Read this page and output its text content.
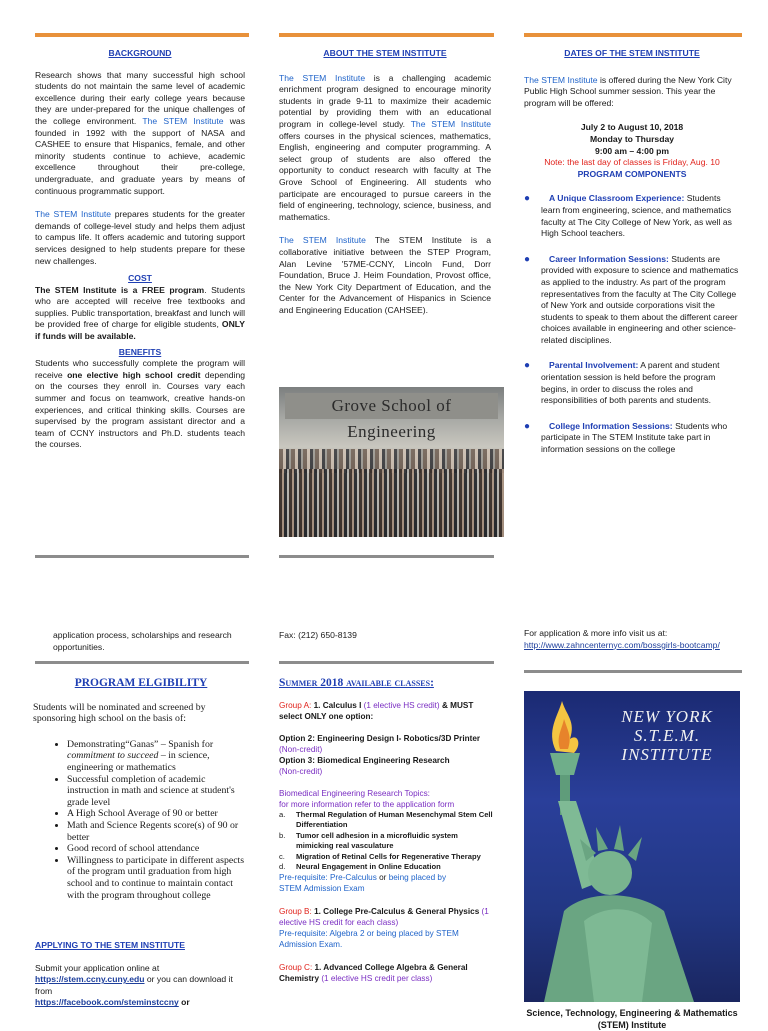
BACKGROUND

Research shows that many successful high school students do not maintain the same level of academic excellence during their early college years because they are under-prepared for the unique challenges of the college environment. The STEM Institute was founded in 1992 with the support of NASA and CASHEE to ensure that Hispanics, female, and other minority students continue to achieve, academic excellence throughout their pre-college, undergraduate, and graduate years by means of continuous programmatic support.

The STEM Institute prepares students for the greater demands of college-level study and helps them adjust to campus life. It offers academic and tutoring support services designed to help students prepare for these new challenges.

COST

The STEM Institute is a FREE program. Students who are accepted will receive free textbooks and supplies. Public transportation, breakfast and lunch will be provided free of charge for eligible students, ONLY if funds will be available.

BENEFITS

Students who successfully complete the program will receive one elective high school credit depending on the courses they enroll in. Courses vary each summer and focus on teamwork, creative hands-on experiences, and critical thinking skills. Courses are supervised by the program assistant director and a team of CCNY instructors and Ph.D. students teach the courses.

ABOUT THE STEM INSTITUTE

The STEM Institute is a challenging academic enrichment program designed to encourage minority students in grade 9-11 to maximize their academic potential by providing them with an educational program in college-level study. The STEM Institute offers courses in the physical sciences, mathematics, English, engineering and computer programming. A select group of students are also offered the opportunity to conduct research with faculty at The Grove School of Engineering. All students who participate are encouraged to pursue careers in the field of engineering, technology, science, business, and mathematics.

The STEM Institute The STEM Institute is a collaborative initiative between the STEP Program, Alan Levine '57ME-CCNY, Lincoln Fund, Dorr Foundation, Bruce J. Heim Foundation, Provost office, the New York City Department of Education, and the Center for the Advancement of Hispanics in Science and Engineering Education (CAHSEE).

Grove School of Engineering

DATES OF THE STEM INSTITUTE

The STEM Institute is offered during the New York City Public High School summer session. This year the program will be offered:

July 2 to August 10, 2018

Monday to Thursday

9:00 am – 4:00 pm

Note: the last day of classes is Friday, Aug. 10

PROGRAM COMPONENTS

● A Unique Classroom Experience: Students learn from engineering, science, and mathematics faculty at The City College of New York, as well as High School teachers.
● Career Information Sessions: Students are provided with exposure to science and mathematics as applied to the industry. As part of the program representatives from the faculty at The City College of New York and outside corporations visit the students to speak to them about the different career choices available in engineering and other science-related disciplines.
● Parental Involvement: A parent and student orientation session is held before the program begins, in order to discuss the roles and responsibilities of both parents and students.
● College Information Sessions: Students who participate in The STEM Institute take part in information sessions on the college

application process, scholarships and research opportunities.

Fax: (212) 650-8139	For application & more info visit us at:

http://www.zahncenternyc.com/bossgirls-bootcamp/

PROGRAM ELGIBILITY

Students will be nominated and screened by sponsoring high school on the basis of:

• Demonstrating“Ganas” – Spanish for commitment to succeed – in science, engineering or mathematics
• Successful completion of academic instruction in math and science at student's grade level
• A High School Average of 90 or better
• Math and Science Regents score(s) of 90 or better
• Good record of school attendance
• Willingness to participate in different aspects of the program until graduation from high school and to continue to maintain contact with the program throughout college

APPLYING TO THE STEM INSTITUTE

Submit your application online at
https://stem.ccny.cuny.edu or you can download it from
https://facebook.com/steminstccny or

Summer 2018 available classes:

Group A: 1. Calculus I (1 elective HS credit) & MUST select ONLY one option:

Option 2: Engineering Design I- Robotics/3D Printer

(Non-credit)

Option 3: Biomedical Engineering Research

(Non-credit)

Biomedical Engineering Research Topics:

for more information refer to the application form

a.	Thermal Regulation of Human Mesenchymal Stem Cell Differentiation
b.	Tumor cell adhesion in a microfluidic system mimicking real vasculature
c.	Migration of Retinal Cells for Regenerative Therapy
d.	Neural Engagement in Online Education

Pre-requisite: Pre-Calculus or being placed by
STEM Admission Exam

Group B: 1. College Pre-Calculus & General Physics (1 elective HS credit for each class)

Pre-requisite: Algebra 2 or being placed by STEM Admission Exam.

Group C: 1. Advanced College Algebra & General Chemistry (1 elective HS credit per class)

NEW YORK
S.T.E.M.
INSTITUTE

Science, Technology, Engineering & Mathematics (STEM) Institute
